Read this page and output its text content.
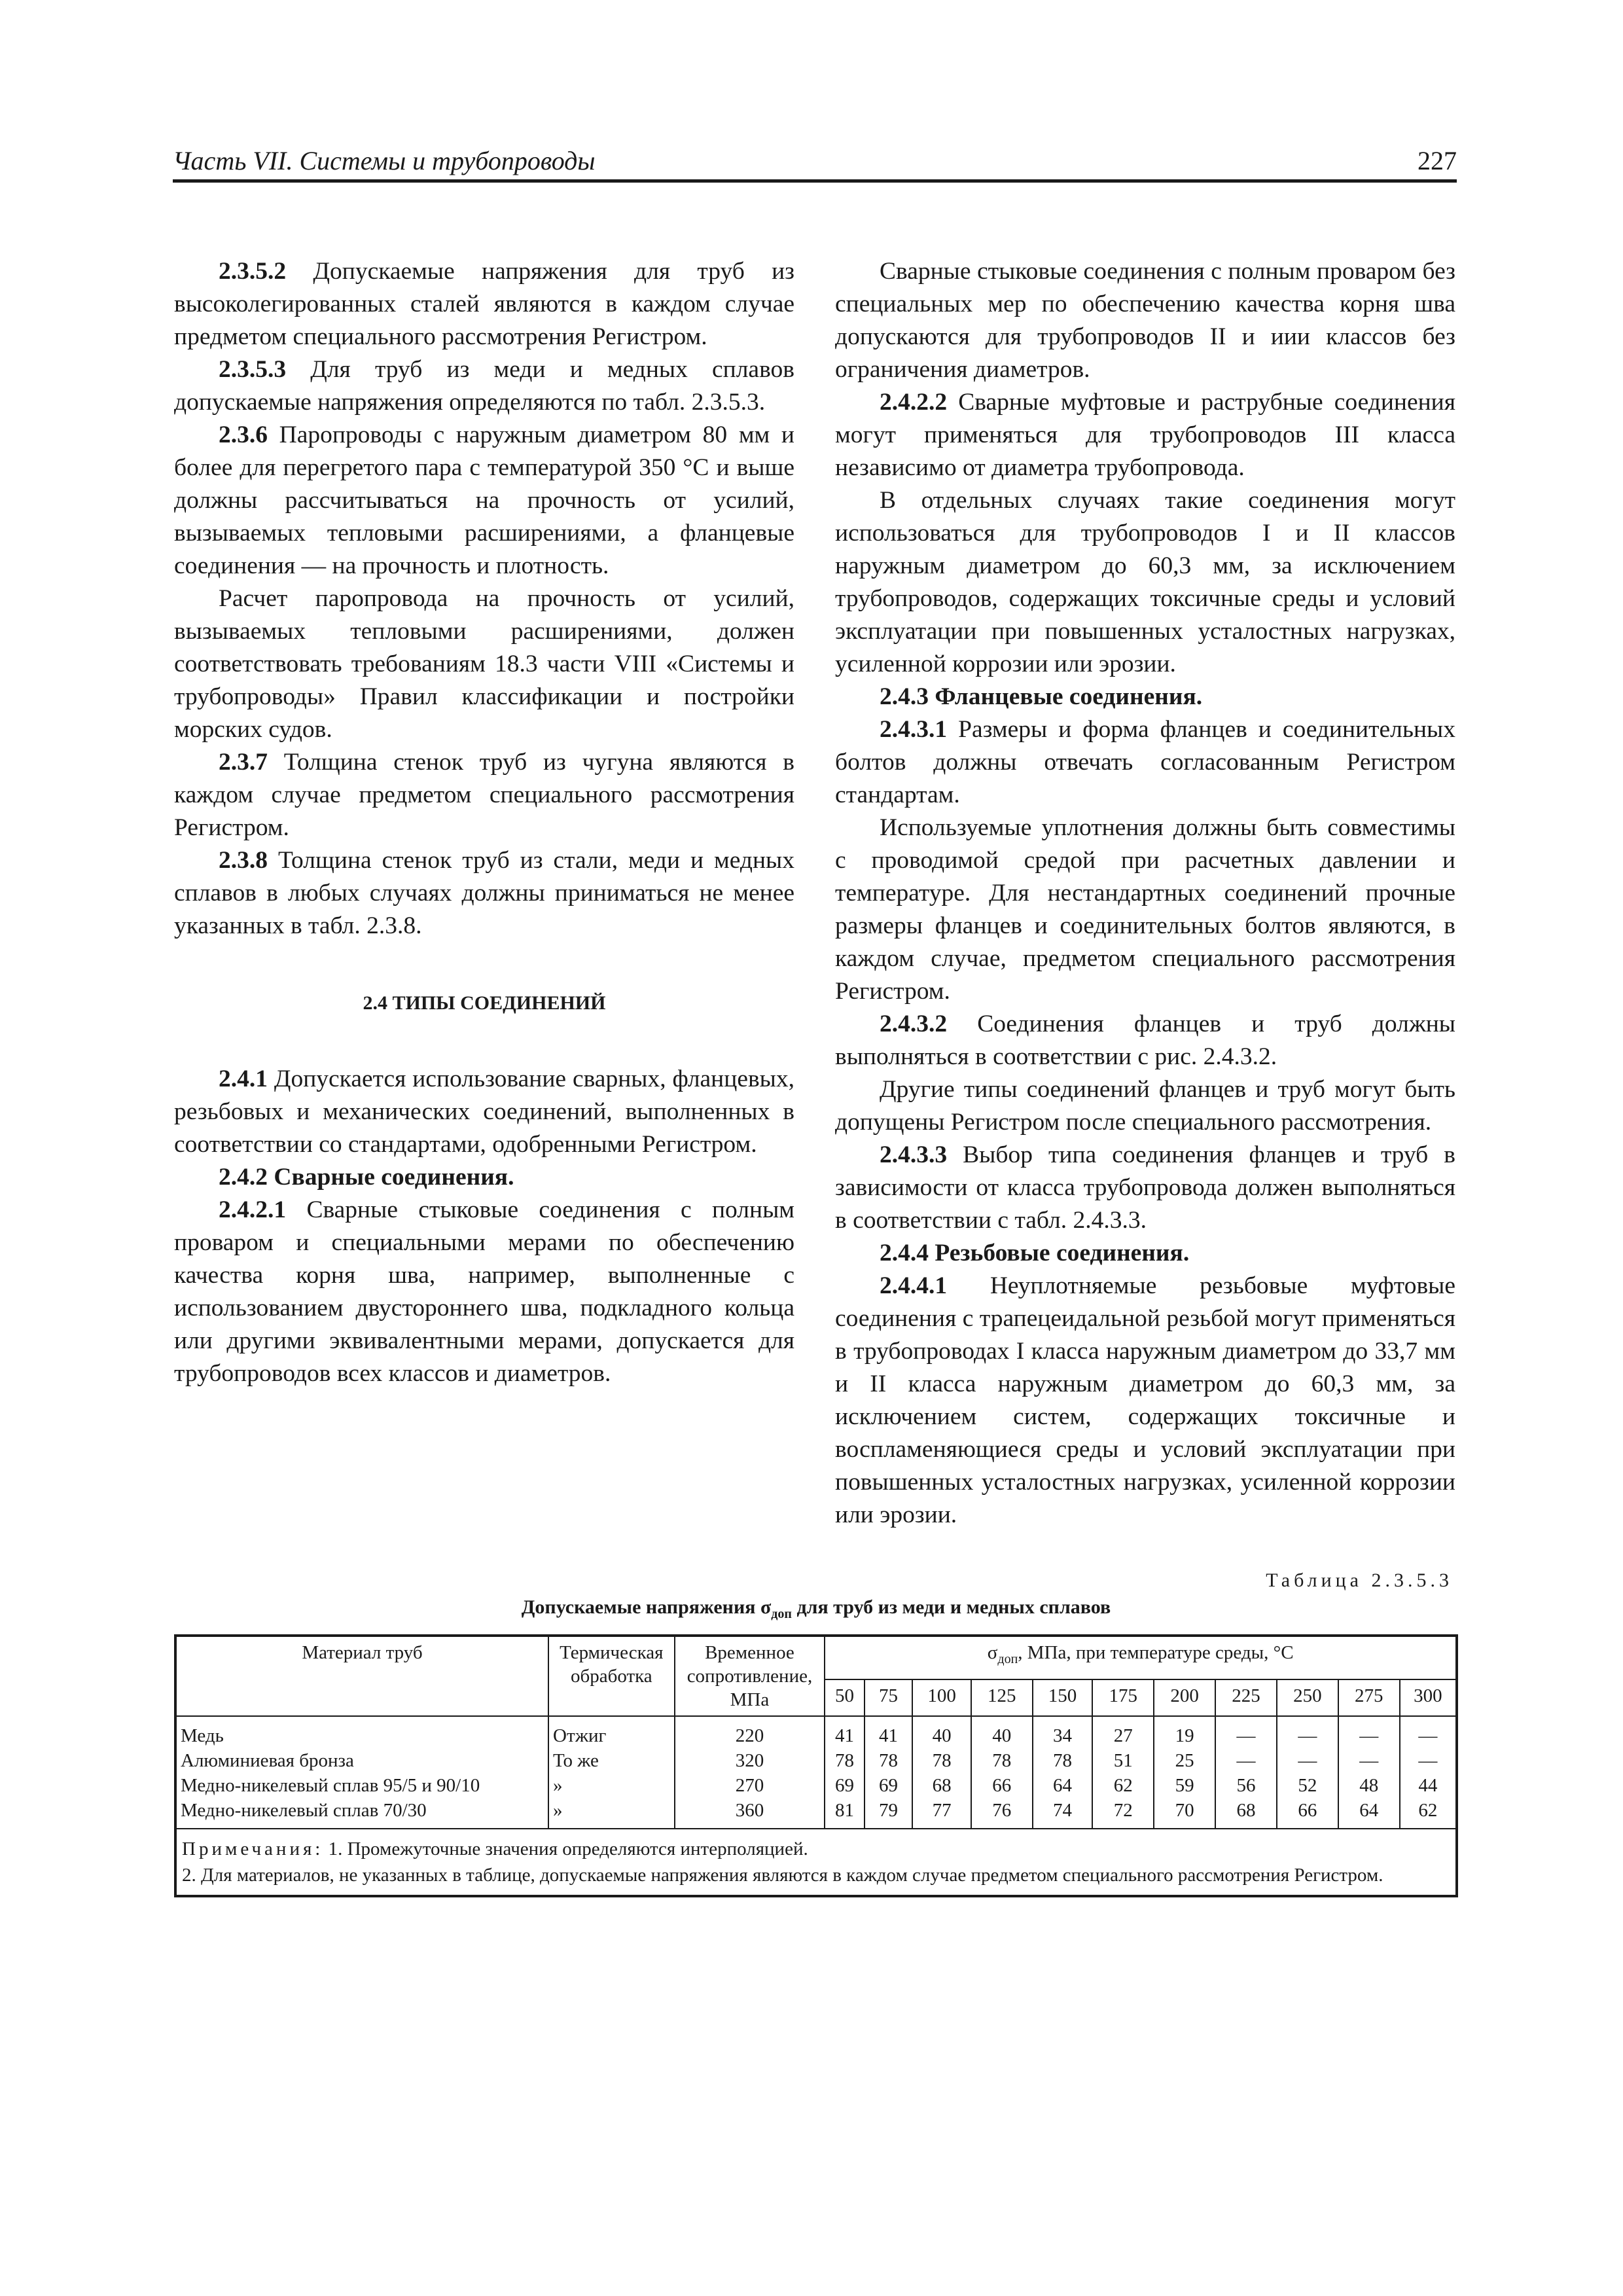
Часть VII. Системы и трубопроводы	227

2.3.5.2 Допускаемые напряжения для труб из высоколегированных сталей являются в каждом случае предметом специального рассмотрения Регистром.

2.3.5.3 Для труб из меди и медных сплавов допускаемые напряжения определяются по табл. 2.3.5.3.

2.3.6 Паропроводы с наружным диаметром 80 мм и более для перегретого пара с температурой 350 °С и выше должны рассчитываться на прочность от усилий, вызываемых тепловыми расширениями, а фланцевые соединения — на прочность и плотность.

Расчет паропровода на прочность от усилий, вызываемых тепловыми расширениями, должен соответствовать требованиям 18.3 части VIII «Системы и трубопроводы» Правил классификации и постройки морских судов.

2.3.7 Толщина стенок труб из чугуна являются в каждом случае предметом специального рассмотрения Регистром.

2.3.8 Толщина стенок труб из стали, меди и медных сплавов в любых случаях должны приниматься не менее указанных в табл. 2.3.8.

2.4 ТИПЫ СОЕДИНЕНИЙ

2.4.1 Допускается использование сварных, фланцевых, резьбовых и механических соединений, выполненных в соответствии со стандартами, одобренными Регистром.

2.4.2 Сварные соединения.

2.4.2.1 Сварные стыковые соединения с полным проваром и специальными мерами по обеспечению качества корня шва, например, выполненные с использованием двустороннего шва, подкладного кольца или другими эквивалентными мерами, допускается для трубопроводов всех классов и диаметров.

Сварные стыковые соединения с полным проваром без специальных мер по обеспечению качества корня шва допускаются для трубопроводов II и иии классов без ограничения диаметров.

2.4.2.2 Сварные муфтовые и раструбные соединения могут применяться для трубопроводов III класса независимо от диаметра трубопровода.

В отдельных случаях такие соединения могут использоваться для трубопроводов I и II классов наружным диаметром до 60,3 мм, за исключением трубопроводов, содержащих токсичные среды и условий эксплуатации при повышенных усталостных нагрузках, усиленной коррозии или эрозии.

2.4.3 Фланцевые соединения.

2.4.3.1 Размеры и форма фланцев и соединительных болтов должны отвечать согласованным Регистром стандартам.

Используемые уплотнения должны быть совместимы с проводимой средой при расчетных давлении и температуре. Для нестандартных соединений прочные размеры фланцев и соединительных болтов являются, в каждом случае, предметом специального рассмотрения Регистром.

2.4.3.2 Соединения фланцев и труб должны выполняться в соответствии с рис. 2.4.3.2.

Другие типы соединений фланцев и труб могут быть допущены Регистром после специального рассмотрения.

2.4.3.3 Выбор типа соединения фланцев и труб в зависимости от класса трубопровода должен выполняться в соответствии с табл. 2.4.3.3.

2.4.4 Резьбовые соединения.

2.4.4.1 Неуплотняемые резьбовые муфтовые соединения с трапецеидальной резьбой могут применяться в трубопроводах I класса наружным диаметром до 33,7 мм и II класса наружным диаметром до 60,3 мм, за исключением систем, содержащих токсичные и воспламеняющиеся среды и условий эксплуатации при повышенных усталостных нагрузках, усиленной коррозии или эрозии.

Таблица 2.3.5.3
Допускаемые напряжения $\sigma_{доп}$ для труб из меди и медных сплавов
Материал труб	Термическая обработка	Временное сопротивление, МПа	$\sigma_{доп}$, МПа, при температуре среды, °С										
			50	75	100	125	150	175	200	225	250	275	300
Медь	Отжиг	220	41	41	40	40	34	27	19	—	—	—	—
Алюминиевая бронза	То же	320	78	78	78	78	78	51	25	—	—	—	—
Медно-никелевый сплав 95/5 и 90/10	»	270	69	69	68	66	64	62	59	56	52	48	44
Медно-никелевый сплав 70/30	»	360	81	79	77	76	74	72	70	68	66	64	62
Примечания: 1. Промежуточные значения определяются интерполяцией.
2. Для материалов, не указанных в таблице, допускаемые напряжения являются в каждом случае предметом специального рассмотрения Регистром.													
